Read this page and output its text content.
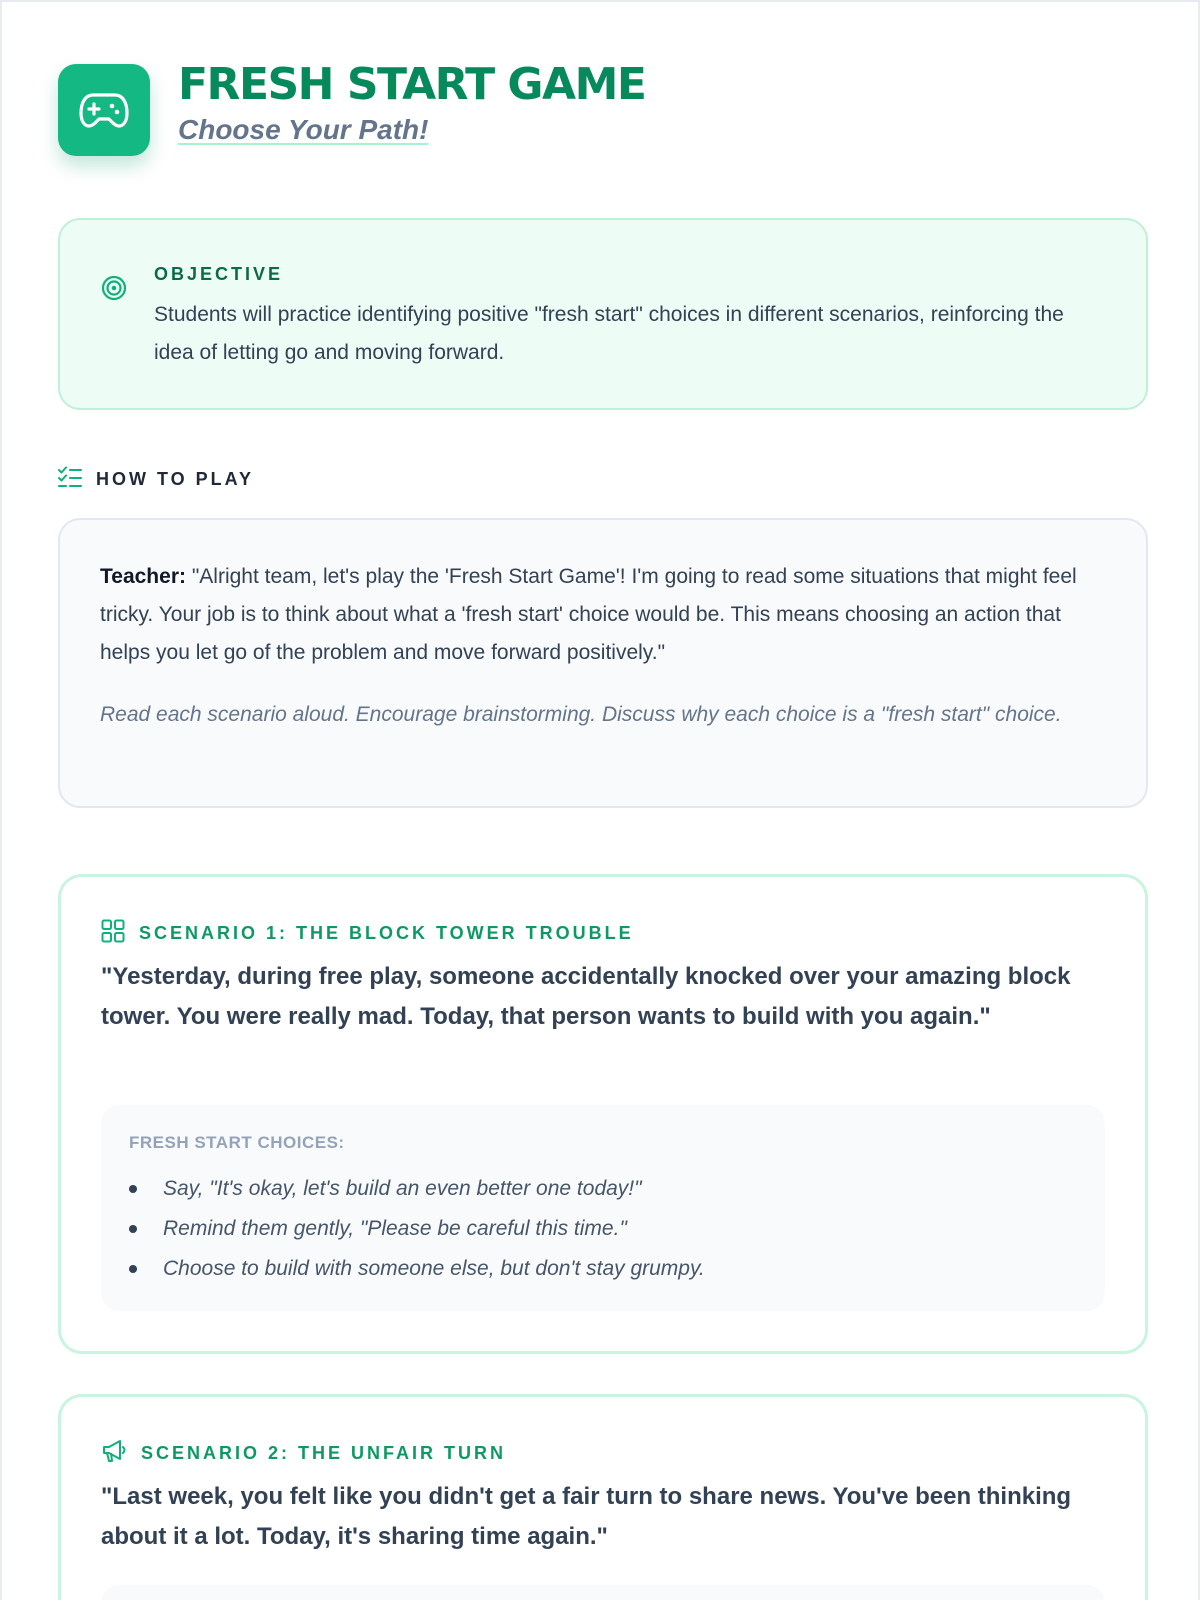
FRESH START GAME
Choose Your Path!
OBJECTIVE
Students will practice identifying positive "fresh start" choices in different scenarios, reinforcing the idea of letting go and moving forward.
HOW TO PLAY
Teacher: "Alright team, let's play the 'Fresh Start Game'! I'm going to read some situations that might feel tricky. Your job is to think about what a 'fresh start' choice would be. This means choosing an action that helps you let go of the problem and move forward positively."
Read each scenario aloud. Encourage brainstorming. Discuss why each choice is a "fresh start" choice.
SCENARIO 1: THE BLOCK TOWER TROUBLE
"Yesterday, during free play, someone accidentally knocked over your amazing block tower. You were really mad. Today, that person wants to build with you again."
FRESH START CHOICES:
Say, "It's okay, let's build an even better one today!"
Remind them gently, "Please be careful this time."
Choose to build with someone else, but don't stay grumpy.
SCENARIO 2: THE UNFAIR TURN
"Last week, you felt like you didn't get a fair turn to share news. You've been thinking about it a lot. Today, it's sharing time again."
